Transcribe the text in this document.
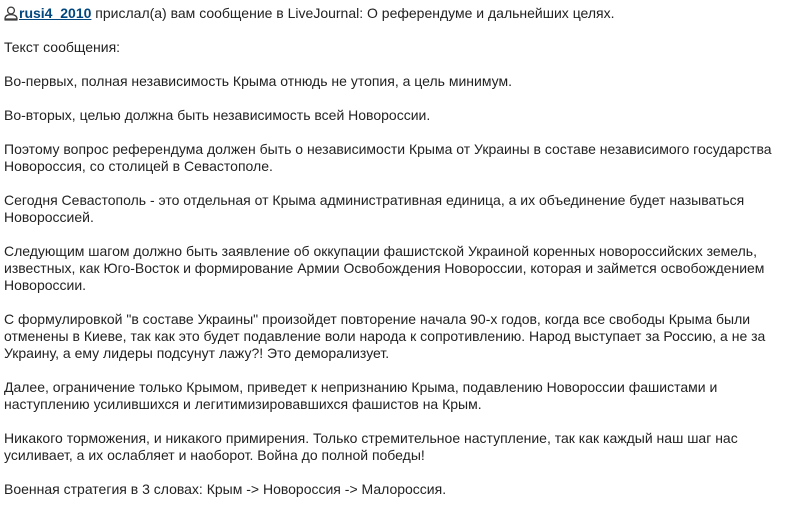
rusi4_2010 прислал(а) вам сообщение в LiveJournal: О референдуме и дальнейших целях.

Текст сообщения:

Во-первых, полная независимость Крыма отнюдь не утопия, а цель минимум.

Во-вторых, целью должна быть независимость всей Новороссии.

Поэтому вопрос референдума должен быть о независимости Крыма от Украины в составе независимого государства Новороссия, со столицей в Севастополе.

Сегодня Севастополь - это отдельная от Крыма административная единица, а их объединение будет называться Новороссией.

Следующим шагом должно быть заявление об оккупации фашистской Украиной коренных новороссийских земель, известных, как Юго-Восток и формирование Армии Освобождения Новороссии, которая и займется освобождением Новороссии.

С формулировкой "в составе Украины" произойдет повторение начала 90-х годов, когда все свободы Крыма были отменены в Киеве, так как это будет подавление воли народа к сопротивлению. Народ выступает за Россию, а не за Украину, а ему лидеры подсунут лажу?! Это деморализует.

Далее, ограничение только Крымом, приведет к непризнанию Крыма, подавлению Новороссии фашистами и наступлению усилившихся и легитимизировавшихся фашистов на Крым.

Никакого торможения, и никакого примирения. Только стремительное наступление, так как каждый наш шаг нас усиливает, а их ослабляет и наоборот. Война до полной победы!

Военная стратегия в 3 словах: Крым -> Новороссия -> Малороссия.
